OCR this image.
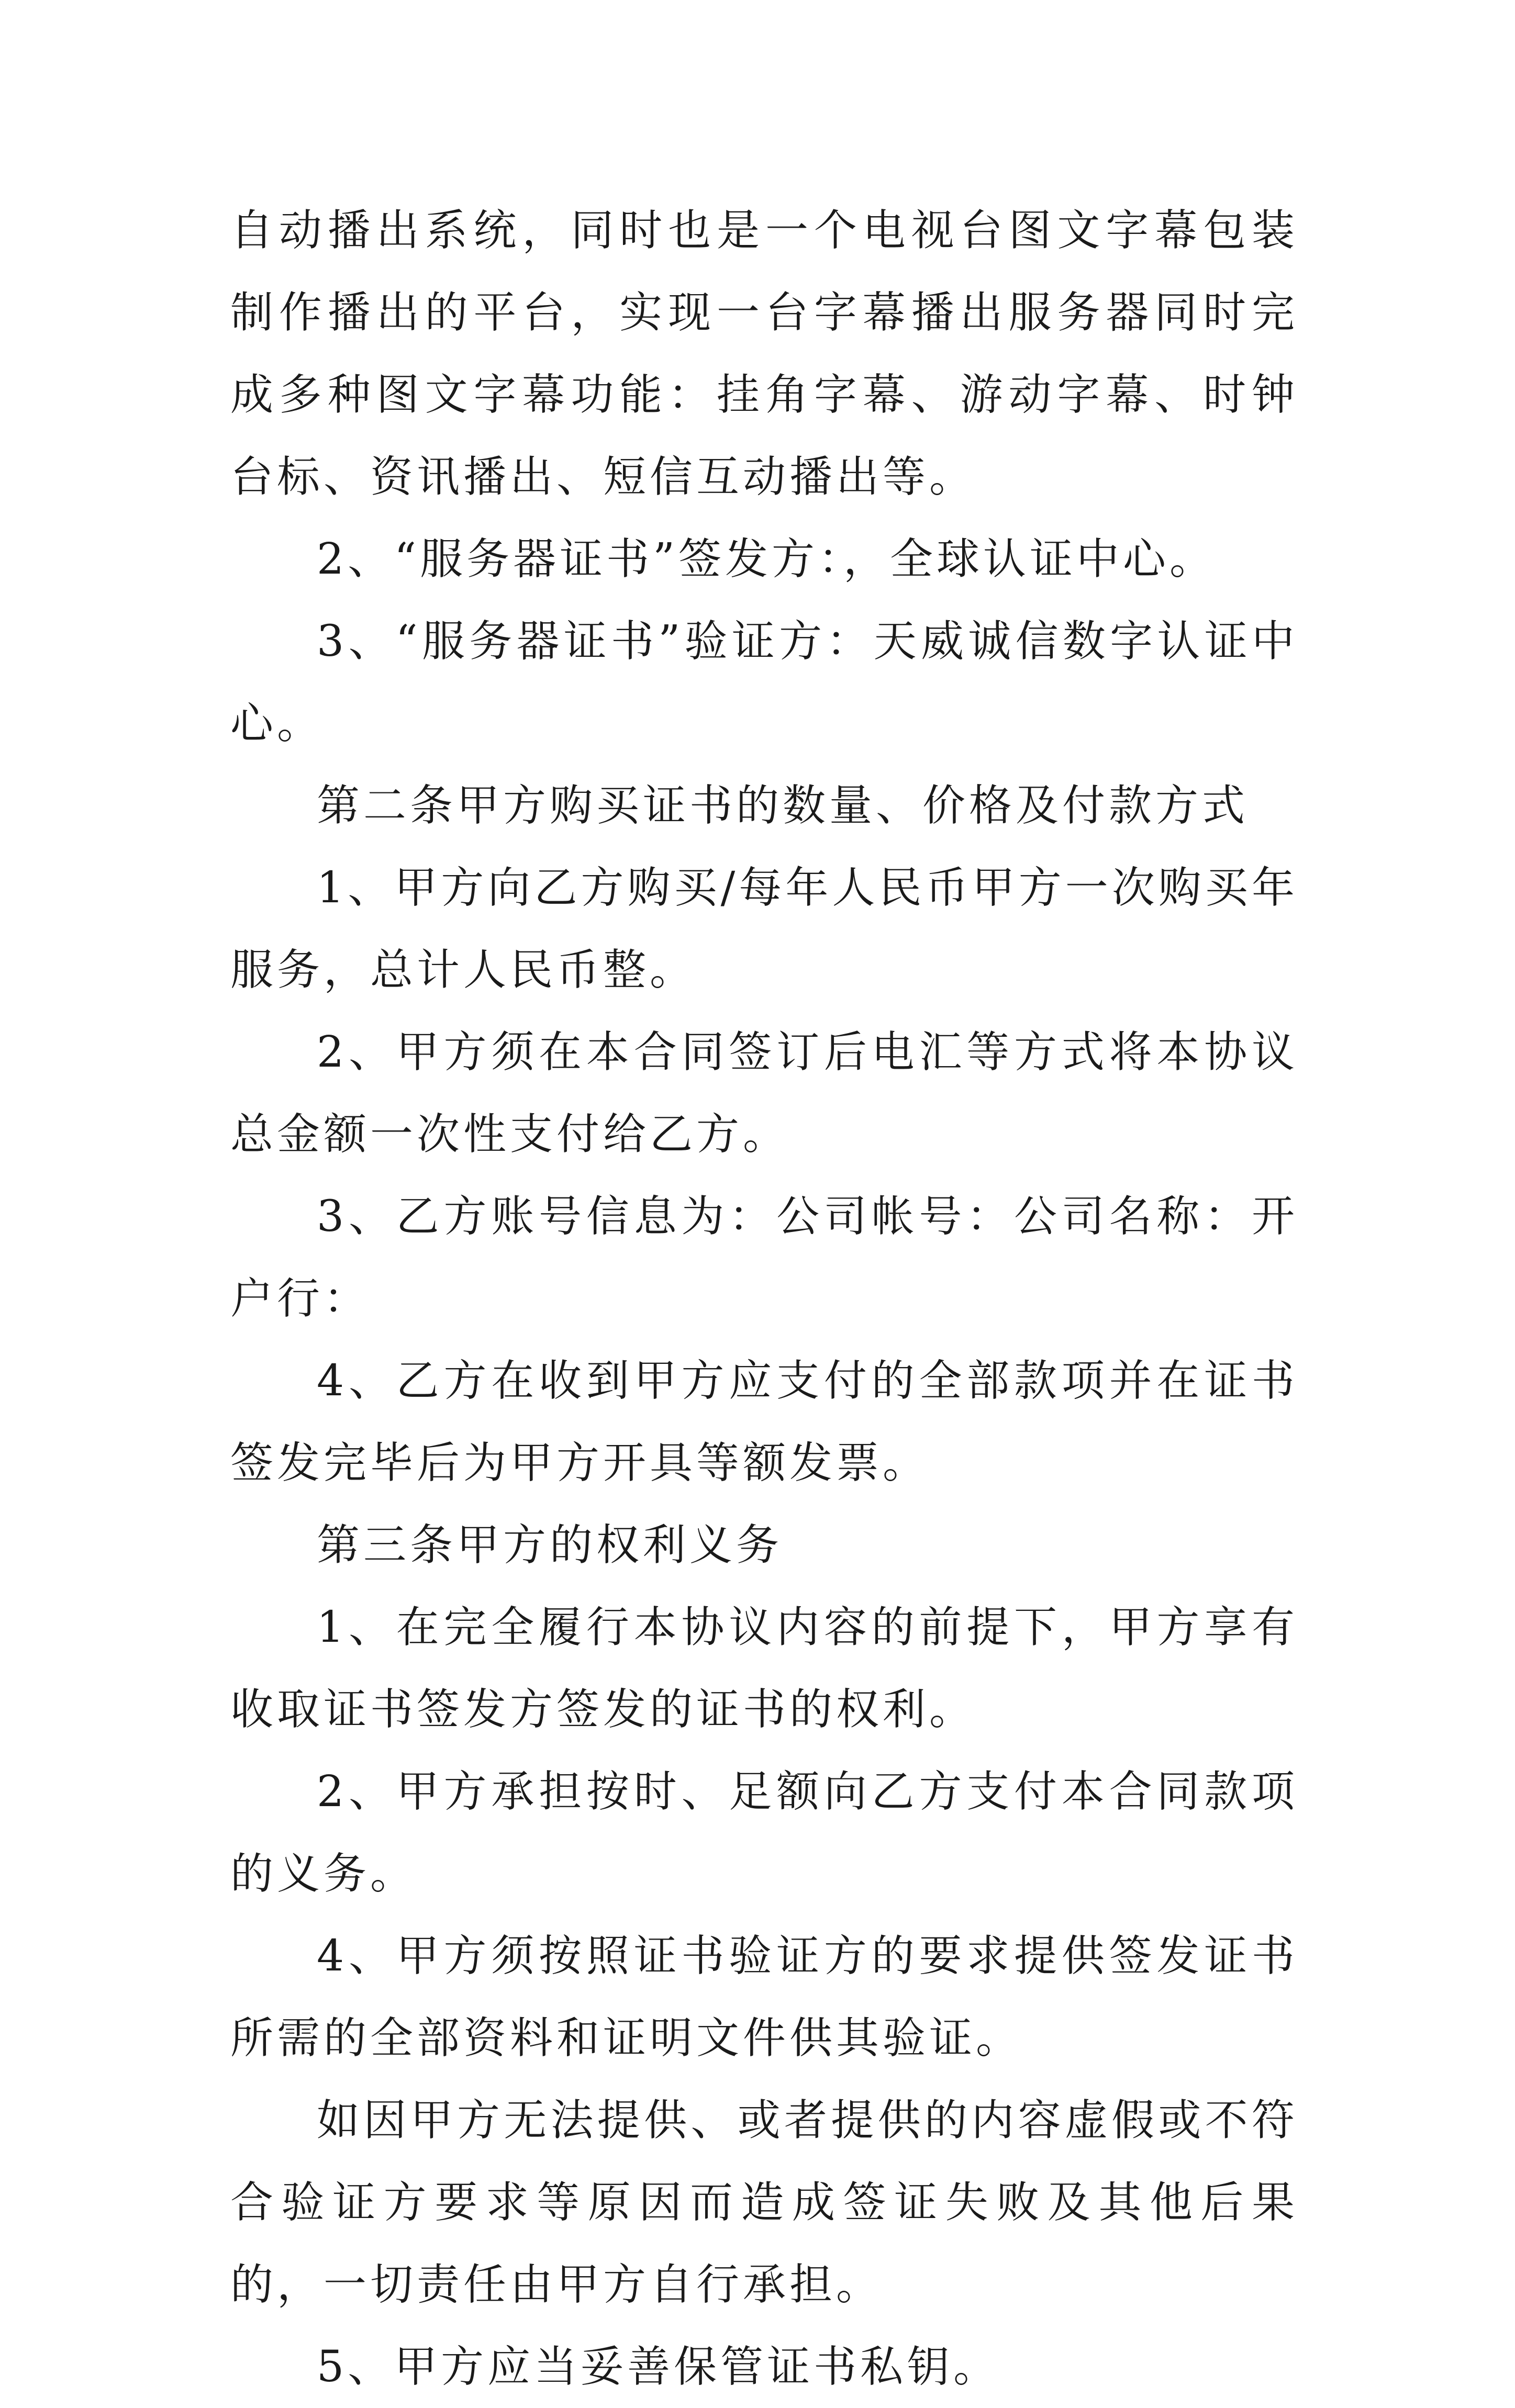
自动播出系统，同时也是一个电视台图文字幕包装制作播出的平台，实现一台字幕播出服务器同时完成多种图文字幕功能：挂角字幕、游动字幕、时钟台标、资讯播出、短信互动播出等。

2、“服务器证书”签发方：，全球认证中心。

3、“服务器证书”验证方：天威诚信数字认证中心。

第二条甲方购买证书的数量、价格及付款方式

1、甲方向乙方购买/每年人民币甲方一次购买年服务，总计人民币整。

2、甲方须在本合同签订后电汇等方式将本协议总金额一次性支付给乙方。

3、乙方账号信息为：公司帐号：公司名称：开户行：

4、乙方在收到甲方应支付的全部款项并在证书签发完毕后为甲方开具等额发票。

第三条甲方的权利义务

1、在完全履行本协议内容的前提下，甲方享有收取证书签发方签发的证书的权利。

2、甲方承担按时、足额向乙方支付本合同款项的义务。

4、甲方须按照证书验证方的要求提供签发证书所需的全部资料和证明文件供其验证。

如因甲方无法提供、或者提供的内容虚假或不符合验证方要求等原因而造成签证失败及其他后果的，一切责任由甲方自行承担。

5、甲方应当妥善保管证书私钥。
